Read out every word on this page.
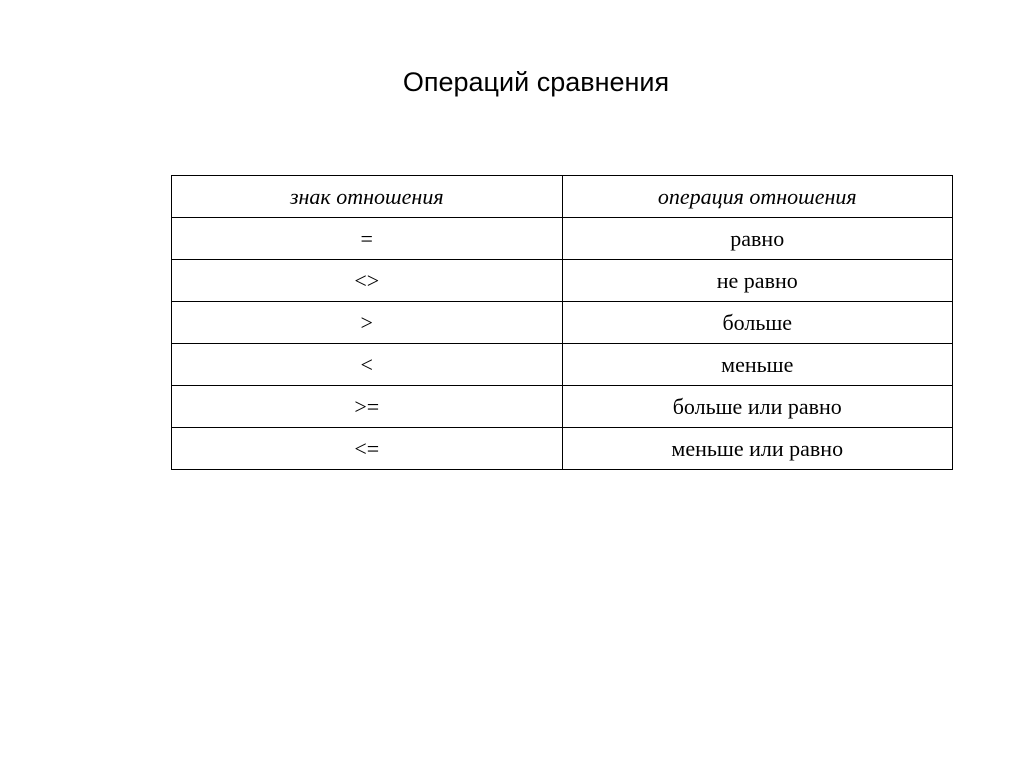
Операций сравнения
знак отношения	операция отношения
=	равно
<>	не равно
>	больше
<	меньше
>=	больше или равно
<=	меньше или равно
